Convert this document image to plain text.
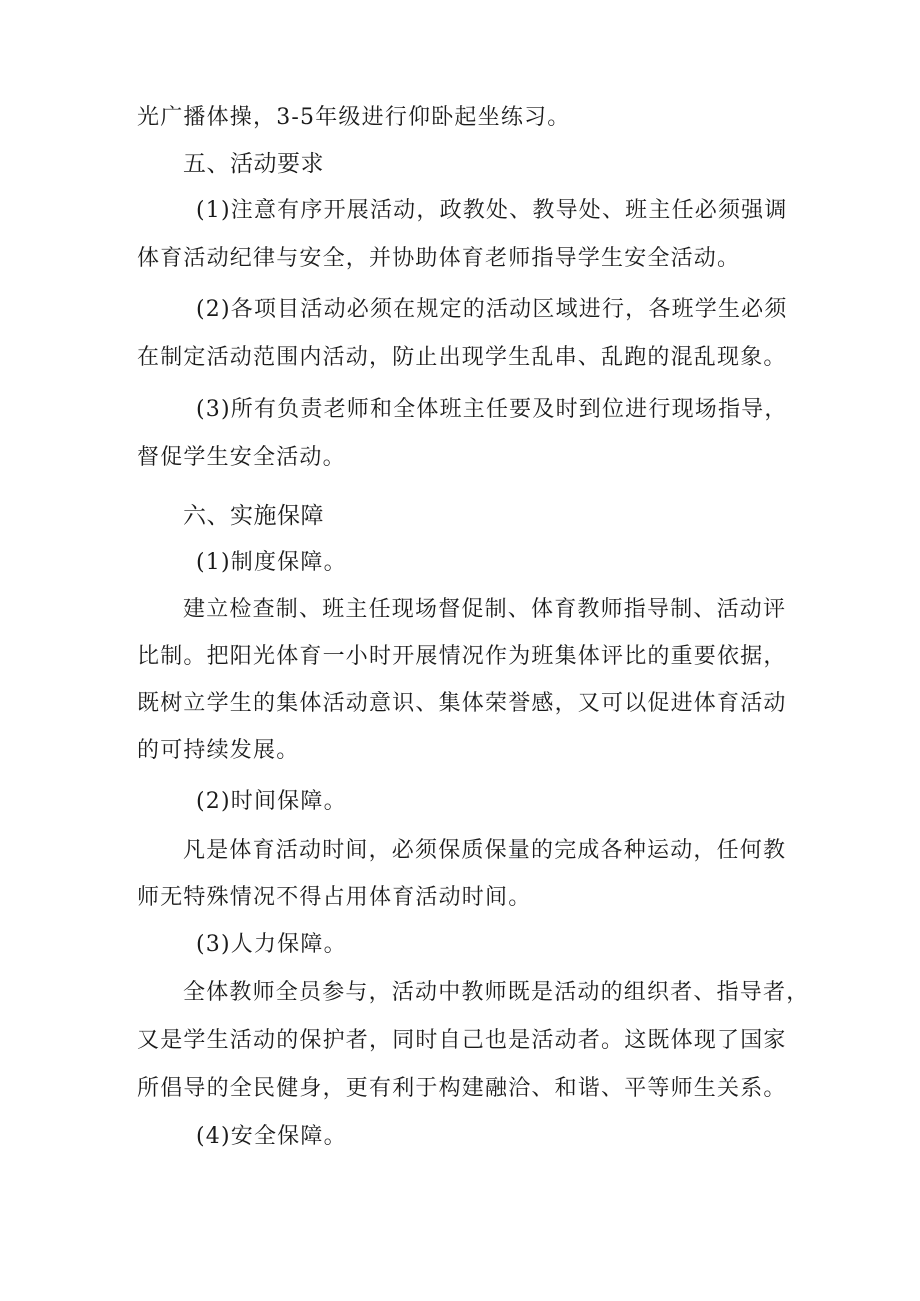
光广播体操，3-5年级进行仰卧起坐练习。
五、活动要求
(1)注意有序开展活动，政教处、教导处、班主任必须强调
体育活动纪律与安全，并协助体育老师指导学生安全活动。
(2)各项目活动必须在规定的活动区域进行，各班学生必须
在制定活动范围内活动，防止出现学生乱串、乱跑的混乱现象。
(3)所有负责老师和全体班主任要及时到位进行现场指导，
督促学生安全活动。
六、实施保障
(1)制度保障。
建立检查制、班主任现场督促制、体育教师指导制、活动评
比制。把阳光体育一小时开展情况作为班集体评比的重要依据，
既树立学生的集体活动意识、集体荣誉感，又可以促进体育活动
的可持续发展。
(2)时间保障。
凡是体育活动时间，必须保质保量的完成各种运动，任何教
师无特殊情况不得占用体育活动时间。
(3)人力保障。
全体教师全员参与，活动中教师既是活动的组织者、指导者，
又是学生活动的保护者，同时自己也是活动者。这既体现了国家
所倡导的全民健身，更有利于构建融洽、和谐、平等师生关系。
(4)安全保障。
